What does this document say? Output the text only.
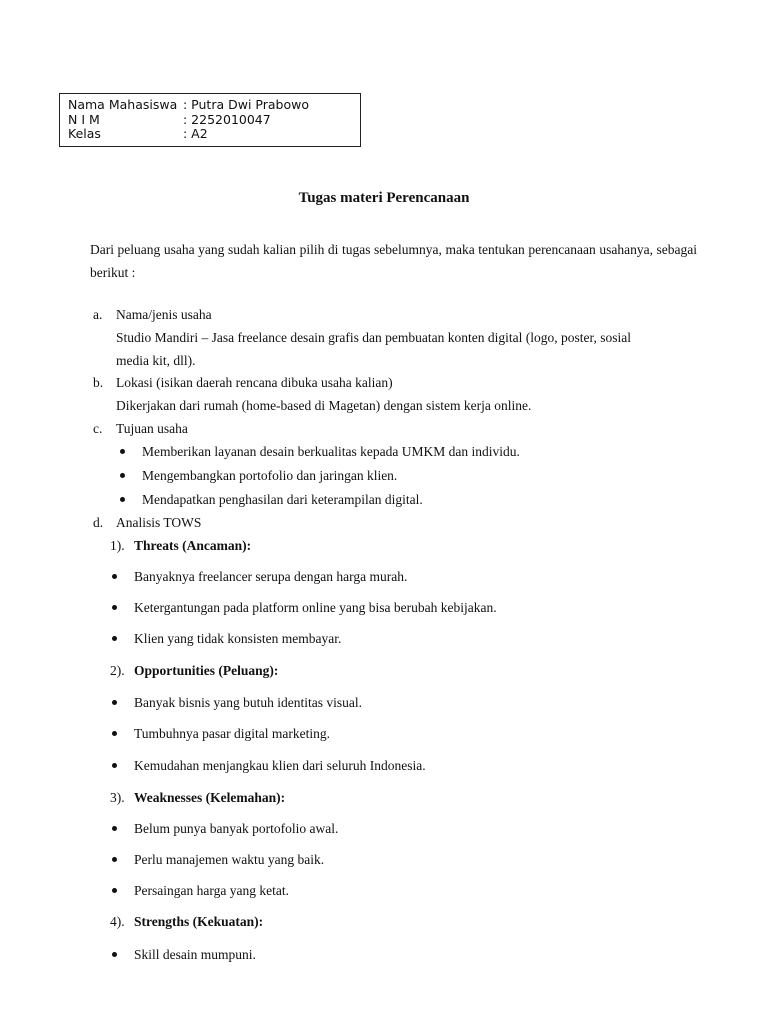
Nama Mahasiswa : Putra Dwi Prabowo
N I M	: 2252010047
Kelas	: A2
Tugas materi Perencanaan
Dari peluang usaha yang sudah kalian pilih di tugas sebelumnya, maka tentukan perencanaan usahanya, sebagai berikut :
a. Nama/jenis usaha
Studio Mandiri – Jasa freelance desain grafis dan pembuatan konten digital (logo, poster, sosial
media kit, dll).
b. Lokasi (isikan daerah rencana dibuka usaha kalian)
Dikerjakan dari rumah (home-based di Magetan) dengan sistem kerja online.
c. Tujuan usaha
Memberikan layanan desain berkualitas kepada UMKM dan individu.
Mengembangkan portofolio dan jaringan klien.
Mendapatkan penghasilan dari keterampilan digital.
d. Analisis TOWS
1). Threats (Ancaman):
Banyaknya freelancer serupa dengan harga murah.
Ketergantungan pada platform online yang bisa berubah kebijakan.
Klien yang tidak konsisten membayar.
2). Opportunities (Peluang):
Banyak bisnis yang butuh identitas visual.
Tumbuhnya pasar digital marketing.
Kemudahan menjangkau klien dari seluruh Indonesia.
3). Weaknesses (Kelemahan):
Belum punya banyak portofolio awal.
Perlu manajemen waktu yang baik.
Persaingan harga yang ketat.
4). Strengths (Kekuatan):
Skill desain mumpuni.
